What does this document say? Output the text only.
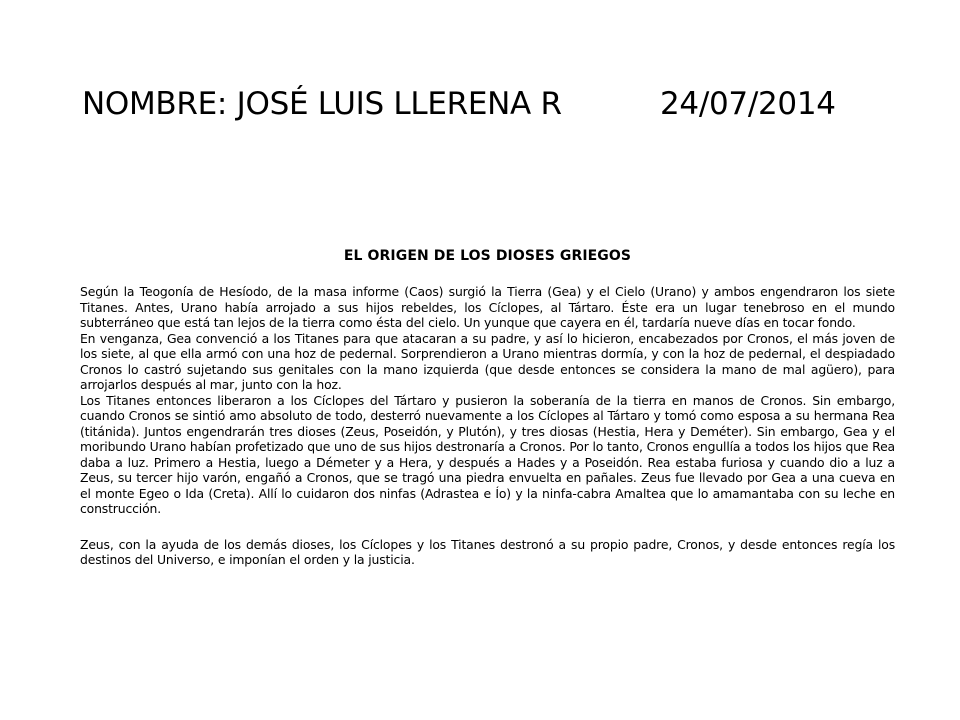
NOMBRE: JOSÉ LUIS LLERENA R	24/07/2014
EL ORIGEN DE LOS DIOSES GRIEGOS

Según la Teogonía de Hesíodo, de la masa informe (Caos) surgió la Tierra (Gea) y el Cielo (Urano) y ambos engendraron los siete Titanes. Antes, Urano había arrojado a sus hijos rebeldes, los Cíclopes, al Tártaro. Éste era un lugar tenebroso en el mundo subterráneo que está tan lejos de la tierra como ésta del cielo. Un yunque que cayera en él, tardaría nueve días en tocar fondo.

En venganza, Gea convenció a los Titanes para que atacaran a su padre, y así lo hicieron, encabezados por Cronos, el más joven de los siete, al que ella armó con una hoz de pedernal. Sorprendieron a Urano mientras dormía, y con la hoz de pedernal, el despiadado Cronos lo castró sujetando sus genitales con la mano izquierda (que desde entonces se considera la mano de mal agüero), para arrojarlos después al mar, junto con la hoz.

Los Titanes entonces liberaron a los Cíclopes del Tártaro y pusieron la soberanía de la tierra en manos de Cronos. Sin embargo, cuando Cronos se sintió amo absoluto de todo, desterró nuevamente a los Cíclopes al Tártaro y tomó como esposa a su hermana Rea (titánida). Juntos engendrarán tres dioses (Zeus, Poseidón, y Plutón), y tres diosas (Hestia, Hera y Deméter). Sin embargo, Gea y el moribundo Urano habían profetizado que uno de sus hijos destronaría a Cronos. Por lo tanto, Cronos engullía a todos los hijos que Rea daba a luz. Primero a Hestia, luego a Démeter y a Hera, y después a Hades y a Poseidón. Rea estaba furiosa y cuando dio a luz a Zeus, su tercer hijo varón, engañó a Cronos, que se tragó una piedra envuelta en pañales. Zeus fue llevado por Gea a una cueva en el monte Egeo o Ida (Creta). Allí lo cuidaron dos ninfas (Adrastea e Ío) y la ninfa-cabra Amaltea que lo amamantaba con su leche en construcción.

Zeus, con la ayuda de los demás dioses, los Cíclopes y los Titanes destronó a su propio padre, Cronos, y desde entonces regía los destinos del Universo, e imponían el orden y la justicia.
